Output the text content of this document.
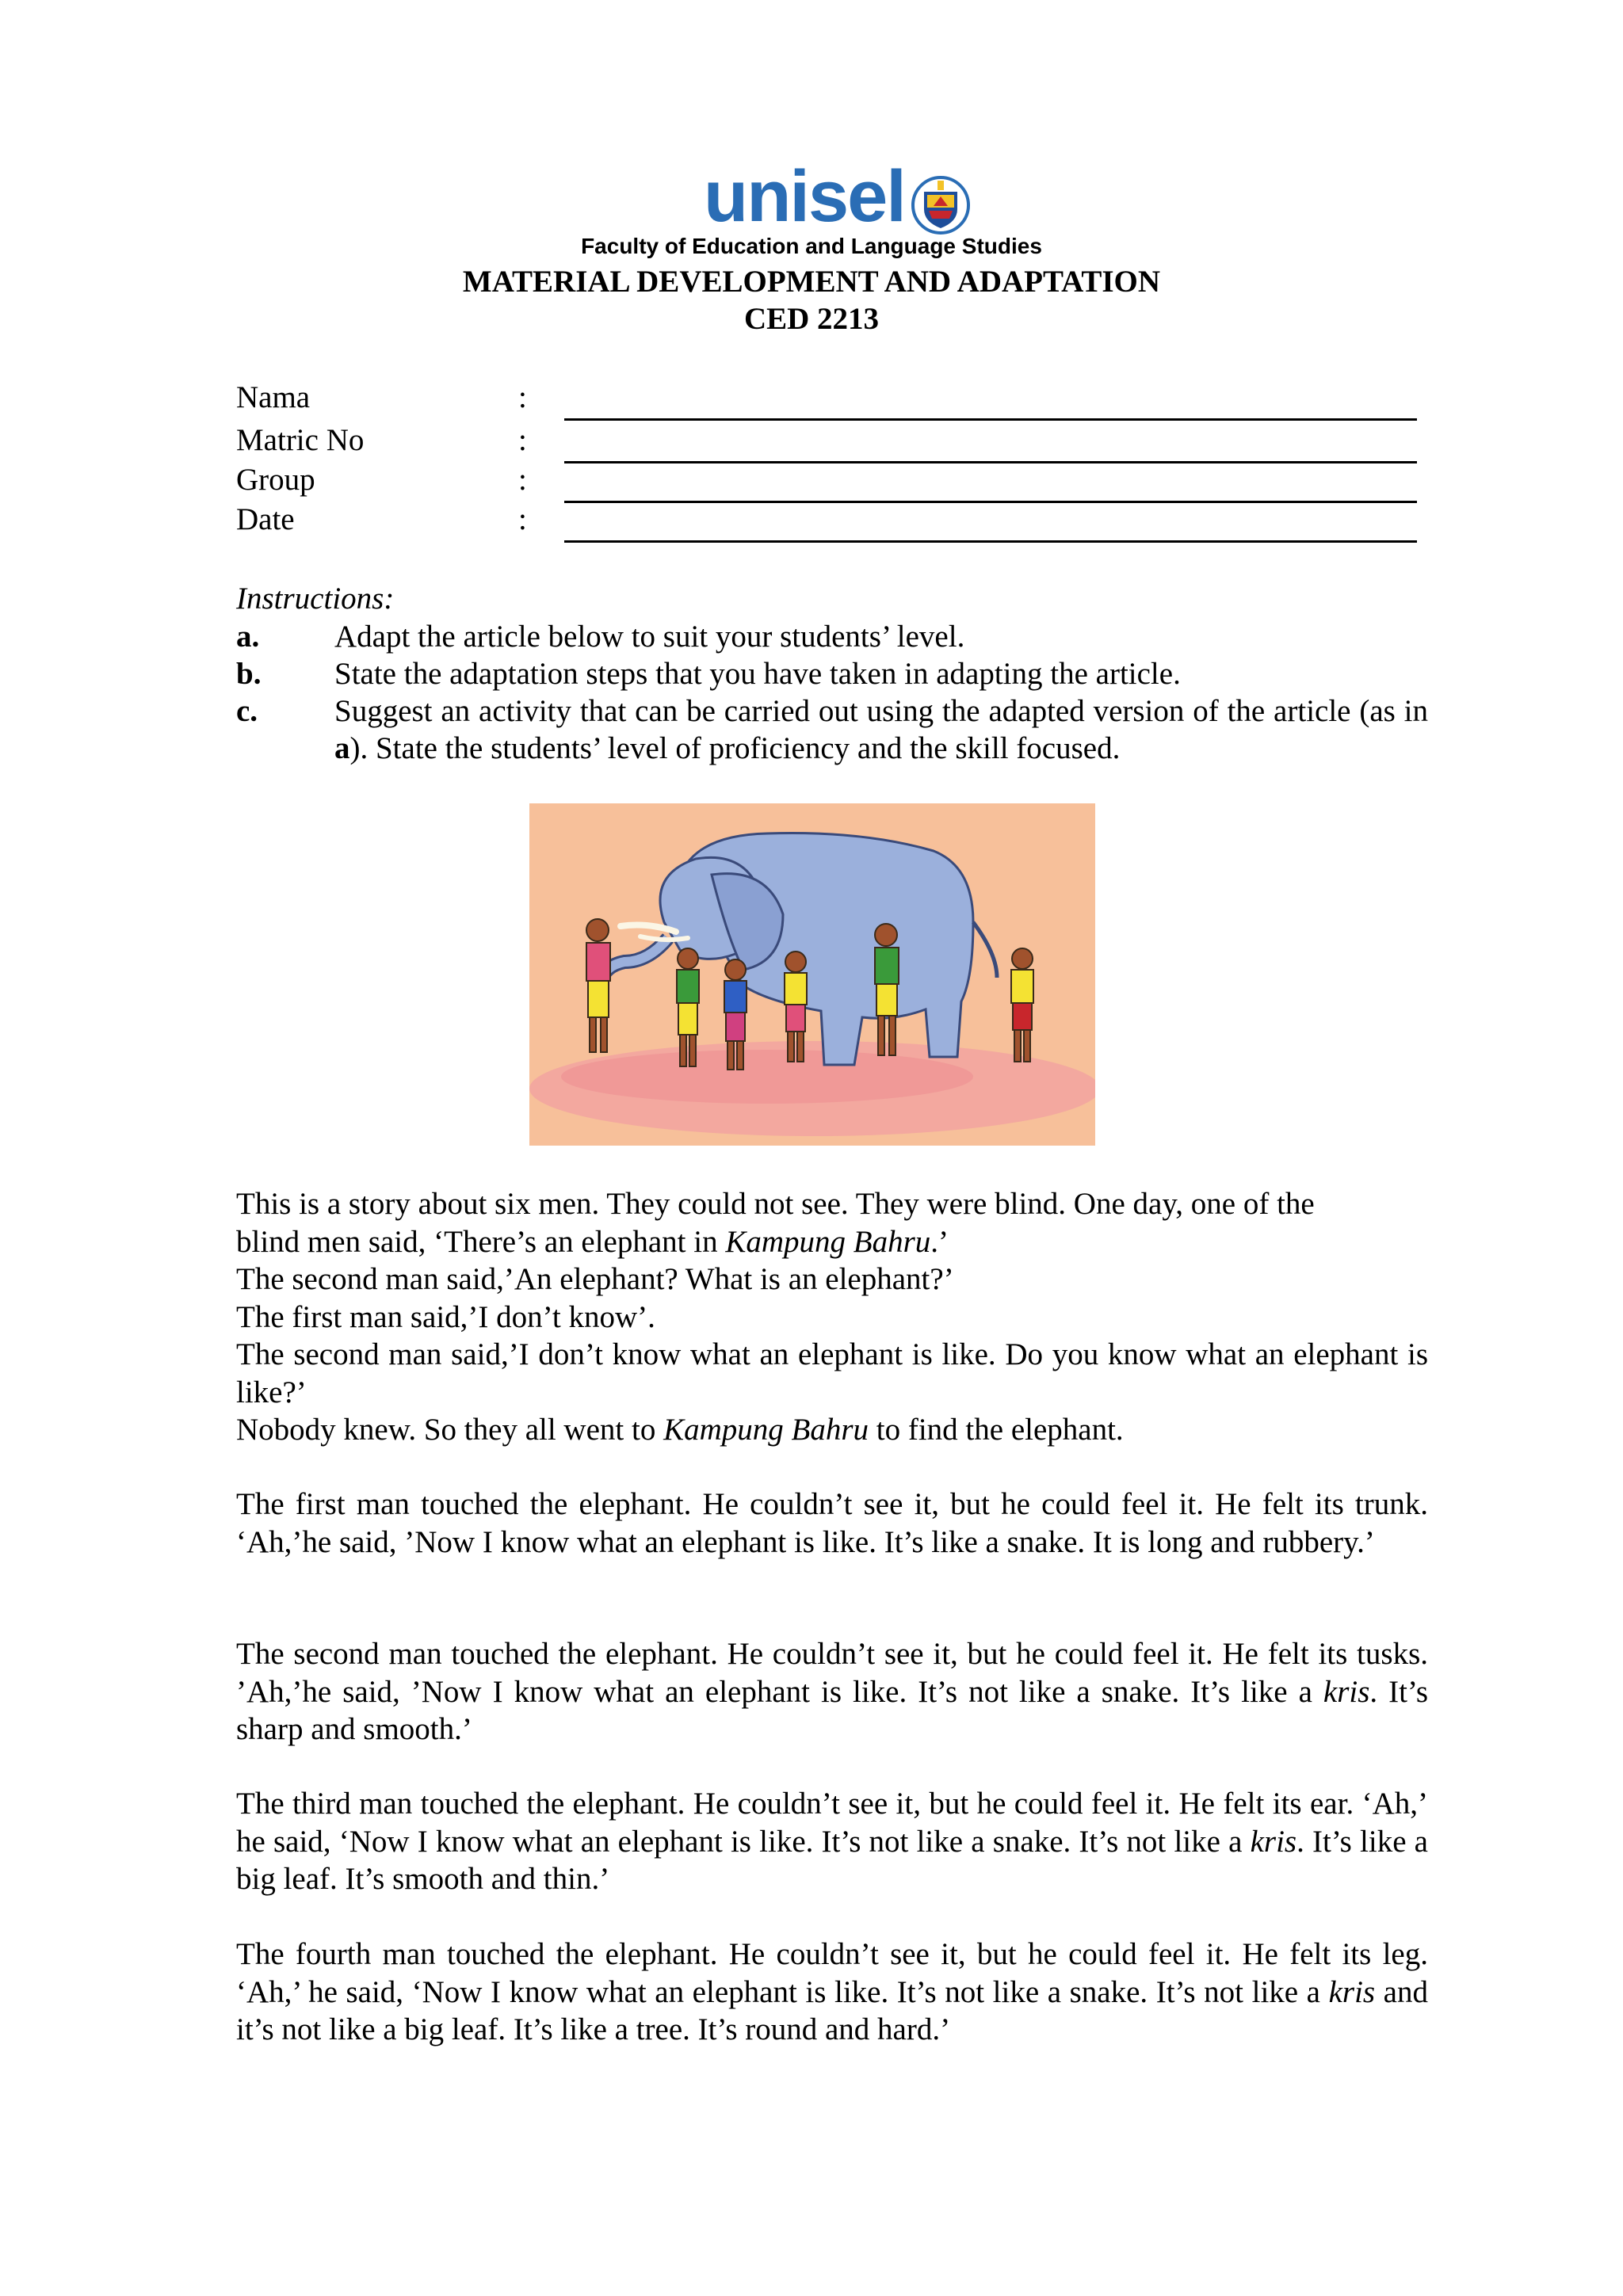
unisel
Faculty of Education and Language Studies
MATERIAL DEVELOPMENT AND ADAPTATION
CED 2213
Nama	:
Matric No	:
Group	:
Date	:
Instructions:
a. Adapt the article below to suit your students’ level.
b. State the adaptation steps that you have taken in adapting the article.
c. Suggest an activity that can be carried out using the adapted version of the article (as in a). State the students’ level of proficiency and the skill focused.
This is a story about six men. They could not see. They were blind. One day, one of the
blind men said, ‘There’s an elephant in Kampung Bahru.’
The second man said,’An elephant? What is an elephant?’
The first man said,’I don’t know’.
The second man said,’I don’t know what an elephant is like. Do you know what an elephant is like?’
Nobody knew. So they all went to Kampung Bahru to find the elephant.

The first man touched the elephant. He couldn’t see it, but he could feel it. He felt its trunk. ‘Ah,’he said, ’Now I know what an elephant is like. It’s like a snake. It is long and rubbery.’

The second man touched the elephant. He couldn’t see it, but he could feel it. He felt its tusks. ’Ah,’he said, ’Now I know what an elephant is like. It’s not like a snake. It’s like a kris. It’s sharp and smooth.’

The third man touched the elephant. He couldn’t see it, but he could feel it. He felt its ear. ‘Ah,’ he said, ‘Now I know what an elephant is like. It’s not like a snake. It’s not like a kris. It’s like a big leaf. It’s smooth and thin.’

The fourth man touched the elephant. He couldn’t see it, but he could feel it. He felt its leg. ‘Ah,’ he said, ‘Now I know what an elephant is like. It’s not like a snake. It’s not like a kris and it’s not like a big leaf. It’s like a tree. It’s round and hard.’
